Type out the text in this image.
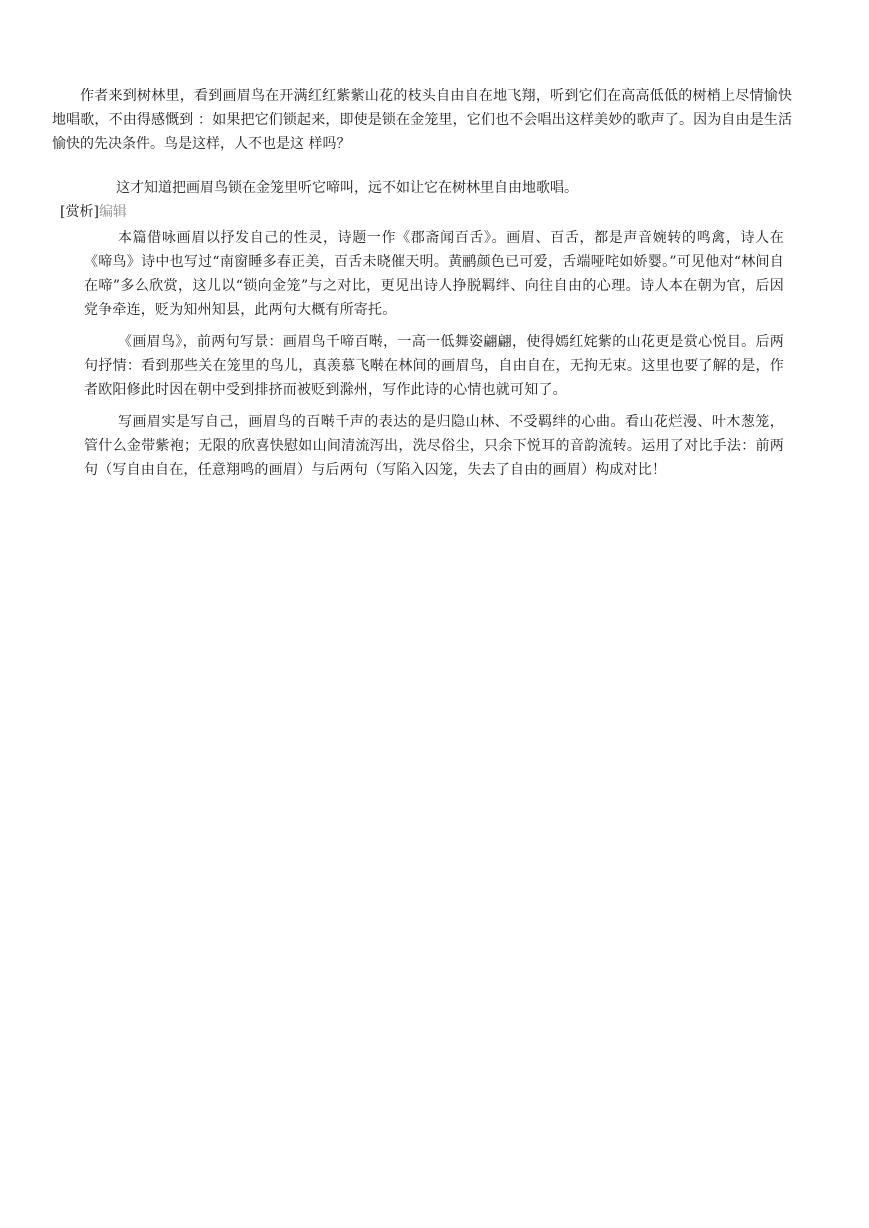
作者来到树林里，看到画眉鸟在开满红红紫紫山花的枝头自由自在地飞翔，听到它们在高高低低的树梢上尽情愉快地唱歌，不由得感慨到 ：如果把它们锁起来，即使是锁在金笼里，它们也不会唱出这样美妙的歌声了。因为自由是生活愉快的先决条件。鸟是这样，人不也是这 样吗？

这才知道把画眉鸟锁在金笼里听它啼叫，远不如让它在树林里自由地歌唱。

[赏析]编辑

本篇借咏画眉以抒发自己的性灵，诗题一作《郡斋闻百舌》。画眉、百舌，都是声音婉转的鸣禽，诗人在《啼鸟》诗中也写过“南窗睡多春正美，百舌未晓催天明。黄鹂颜色已可爱，舌端哑咤如娇婴。”可见他对“林间自在啼”多么欣赏，这儿以“锁向金笼”与之对比，更见出诗人挣脱羁绊、向往自由的心理。诗人本在朝为官，后因党争牵连，贬为知州知县，此两句大概有所寄托。

《画眉鸟》，前两句写景：画眉鸟千啼百啭，一高一低舞姿翩翩，使得嫣红姹紫的山花更是赏心悦目。后两句抒情：看到那些关在笼里的鸟儿，真羡慕飞啭在林间的画眉鸟，自由自在，无拘无束。这里也要了解的是，作者欧阳修此时因在朝中受到排挤而被贬到滁州，写作此诗的心情也就可知了。

写画眉实是写自己，画眉鸟的百啭千声的表达的是归隐山林、不受羁绊的心曲。看山花烂漫、叶木葱笼，管什么金带紫袍；无限的欣喜快慰如山间清流泻出，洗尽俗尘，只余下悦耳的音韵流转。运用了对比手法：前两句（写自由自在，任意翔鸣的画眉）与后两句（写陷入囚笼，失去了自由的画眉）构成对比！
